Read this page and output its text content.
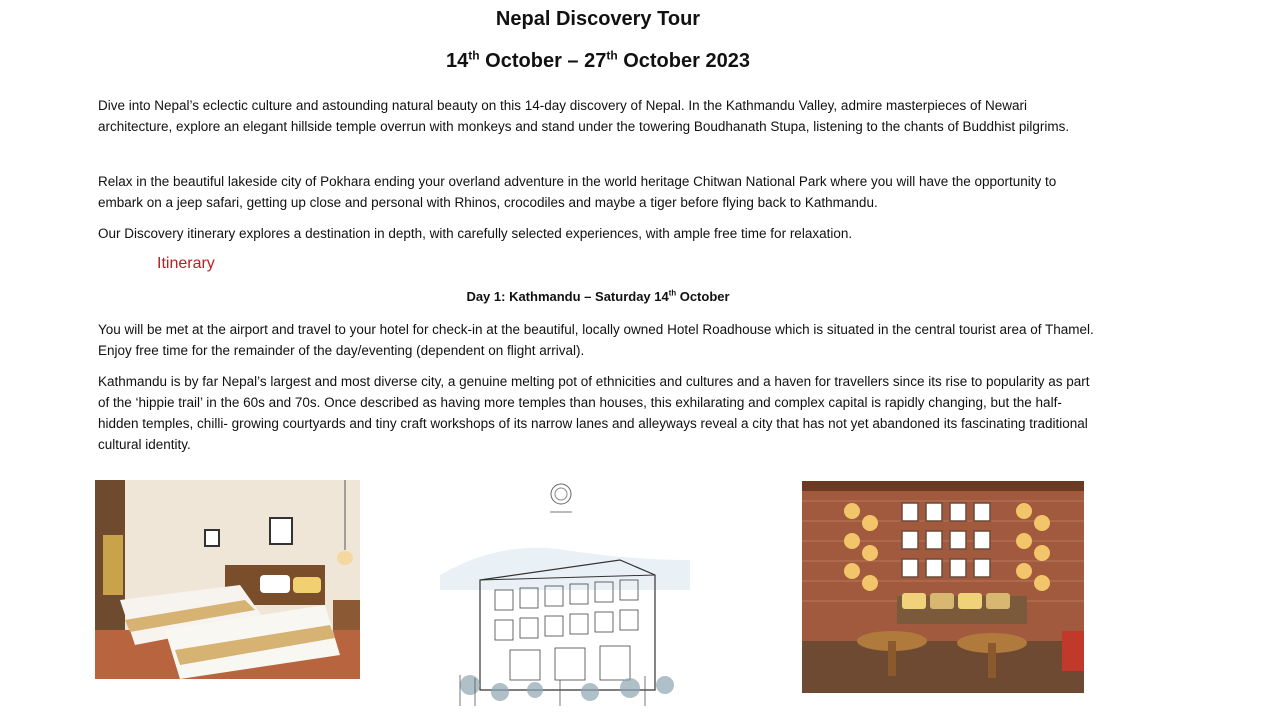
Nepal Discovery Tour
14th October – 27th October 2023

Dive into Nepal’s eclectic culture and astounding natural beauty on this 14-day discovery of Nepal. In the Kathmandu Valley, admire masterpieces of Newari architecture, explore an elegant hillside temple overrun with monkeys and stand under the towering Boudhanath Stupa, listening to the chants of Buddhist pilgrims.

Relax in the beautiful lakeside city of Pokhara ending your overland adventure in the world heritage Chitwan National Park where you will have the opportunity to embark on a jeep safari, getting up close and personal with Rhinos, crocodiles and maybe a tiger before flying back to Kathmandu.

Our Discovery itinerary explores a destination in depth, with carefully selected experiences, with ample free time for relaxation.

Itinerary
Day 1: Kathmandu – Saturday 14th October

You will be met at the airport and travel to your hotel for check-in at the beautiful, locally owned Hotel Roadhouse which is situated in the central tourist area of Thamel. Enjoy free time for the remainder of the day/eventing (dependent on flight arrival).

Kathmandu is by far Nepal’s largest and most diverse city, a genuine melting pot of ethnicities and cultures and a haven for travellers since its rise to popularity as part of the ‘hippie trail’ in the 60s and 70s. Once described as having more temples than houses, this exhilarating and complex capital is rapidly changing, but the half-hidden temples, chilli- growing courtyards and tiny craft workshops of its narrow lanes and alleyways reveal a city that has not yet abandoned its fascinating traditional cultural identity.
